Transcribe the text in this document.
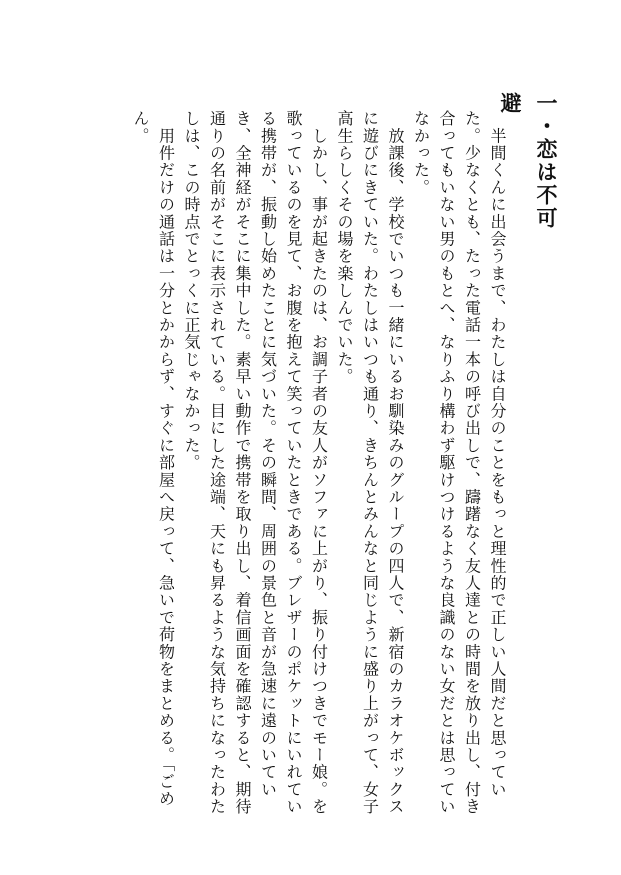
一・恋は不可避

　半間くんに出会うまで、わたしは自分のことをもっと理性的で正しい人間だと思っていた。少なくとも、たった電話一本の呼び出しで、躊躇なく友人達との時間を放り出し、付き合ってもいない男のもとへ、なりふり構わず駆けつけるような良識のない女だとは思っていなかった。

　放課後、学校でいつも一緒にいるお馴染みのグループの四人で、新宿のカラオケボックスに遊びにきていた。わたしはいつも通り、きちんとみんなと同じように盛り上がって、女子高生らしくその場を楽しんでいた。

　しかし、事が起きたのは、お調子者の友人がソファに上がり、振り付けつきでモー娘。を歌っているのを見て、お腹を抱えて笑っていたときである。ブレザーのポケットにいれている携帯が、振動し始めたことに気づいた。その瞬間、周囲の景色と音が急速に遠のいていき、全神経がそこに集中した。素早い動作で携帯を取り出し、着信画面を確認すると、期待通りの名前がそこに表示されている。目にした途端、天にも昇るような気持ちになったわたしは、この時点でとっくに正気じゃなかった。

　用件だけの通話は一分とかからず、すぐに部屋へ戻って、急いで荷物をまとめる。「ごめん。
